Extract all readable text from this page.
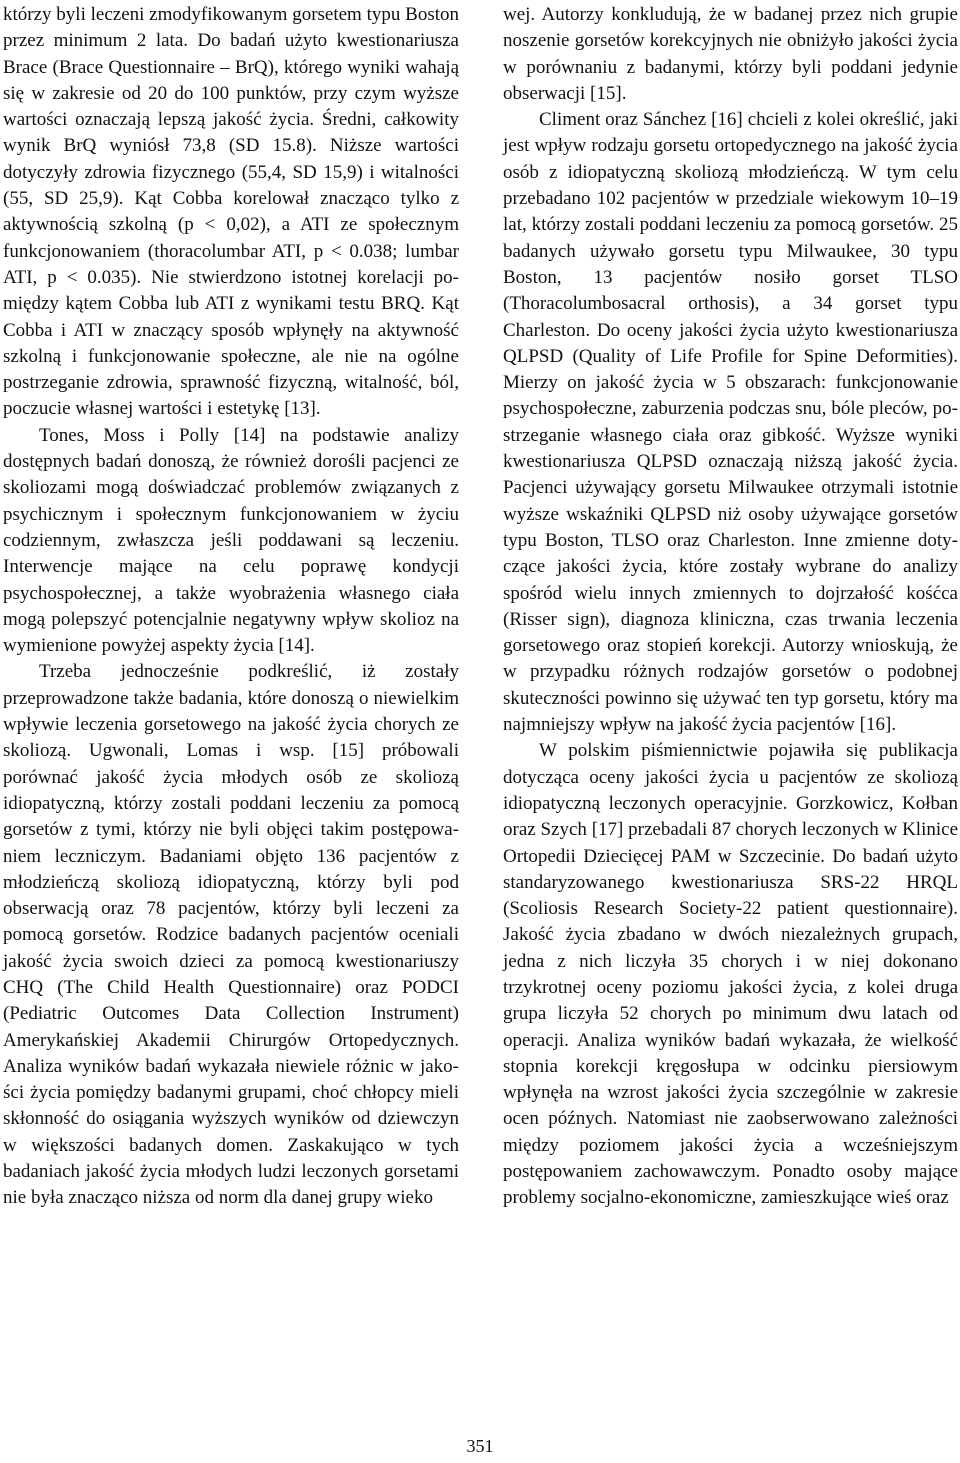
którzy byli leczeni zmodyfikowanym gorsetem typu Boston przez minimum 2 lata. Do badań użyto kwestionariusza Brace (Brace Questionnaire – BrQ), którego wyniki wahają się w zakresie od 20 do 100 punktów, przy czym wyższe wartości oznaczają lepszą jakość życia. Średni, całkowity wynik BrQ wyniósł 73,8 (SD 15.8). Niższe wartości dotyczyły zdrowia fizycznego (55,4, SD 15,9) i witalności (55, SD 25,9). Kąt Cobba korelował znacząco tylko z aktywnością szkolną (p < 0,02), a ATI ze społecznym funkcjonowaniem (thoracolumbar ATI, p < 0.038; lumbar ATI, p < 0.035). Nie stwierdzono istotnej korelacji pomiędzy kątem Cobba lub ATI z wynikami testu BRQ. Kąt Cobba i ATI w znaczący sposób wpłynęły na aktywność szkolną i funkcjonowanie społeczne, ale nie na ogólne postrzeganie zdrowia, sprawność fizyczną, witalność, ból, poczucie własnej wartości i estetykę [13].

Tones, Moss i Polly [14] na podstawie analizy dostępnych badań donoszą, że również dorośli pacjenci ze skoliozami mogą doświadczać problemów związanych z psychicznym i społecznym funkcjonowaniem w życiu codziennym, zwłaszcza jeśli poddawani są leczeniu. Interwencje mające na celu poprawę kondycji psychospołecznej, a także wyobrażenia własnego ciała mogą polepszyć potencjalnie negatywny wpływ skolioz na wymienione powyżej aspekty życia [14].

Trzeba jednocześnie podkreślić, iż zostały przeprowadzone także badania, które donoszą o niewielkim wpływie leczenia gorsetowego na jakość życia chorych ze skoliozą. Ugwonali, Lomas i wsp. [15] próbowali porównać jakość życia młodych osób ze skoliozą idiopatyczną, którzy zostali poddani leczeniu za pomocą gorsetów z tymi, którzy nie byli objęci takim postępowaniem leczniczym. Badaniami objęto 136 pacjentów z młodzieńczą skoliozą idiopatyczną, którzy byli pod obserwacją oraz 78 pacjentów, którzy byli leczeni za pomocą gorsetów. Rodzice badanych pacjentów oceniali jakość życia swoich dzieci za pomocą kwestionariuszy CHQ (The Child Health Questionnaire) oraz PODCI (Pediatric Outcomes Data Collection Instrument) Amerykańskiej Akademii Chirurgów Ortopedycznych. Analiza wyników badań wykazała niewiele różnic w jakości życia pomiędzy badanymi grupami, choć chłopcy mieli skłonność do osiągania wyższych wyników od dziewczyn w większości badanych domen. Zaskakująco w tych badaniach jakość życia młodych ludzi leczonych gorsetami nie była znacząco niższa od norm dla danej grupy wieko

wej. Autorzy konkludują, że w badanej przez nich grupie noszenie gorsetów korekcyjnych nie obniżyło jakości życia w porównaniu z badanymi, którzy byli poddani jedynie obserwacji [15].

Climent oraz Sánchez [16] chcieli z kolei określić, jaki jest wpływ rodzaju gorsetu ortopedycznego na jakość życia osób z idiopatyczną skoliozą młodzieńczą. W tym celu przebadano 102 pacjentów w przedziale wiekowym 10–19 lat, którzy zostali poddani leczeniu za pomocą gorsetów. 25 badanych używało gorsetu typu Milwaukee, 30 typu Boston, 13 pacjentów nosiło gorset TLSO (Thoracolumbosacral orthosis), a 34 gorset typu Charleston. Do oceny jakości życia użyto kwestionariusza QLPSD (Quality of Life Profile for Spine Deformities). Mierzy on jakość życia w 5 obszarach: funkcjonowanie psychospołeczne, zaburzenia podczas snu, bóle pleców, postrzeganie własnego ciała oraz gibkość. Wyższe wyniki kwestionariusza QLPSD oznaczają niższą jakość życia. Pacjenci używający gorsetu Milwaukee otrzymali istotnie wyższe wskaźniki QLPSD niż osoby używające gorsetów typu Boston, TLSO oraz Charleston. Inne zmienne dotyczące jakości życia, które zostały wybrane do analizy spośród wielu innych zmiennych to dojrzałość kośćca (Risser sign), diagnoza kliniczna, czas trwania leczenia gorsetowego oraz stopień korekcji. Autorzy wnioskują, że w przypadku różnych rodzajów gorsetów o podobnej skuteczności powinno się używać ten typ gorsetu, który ma najmniejszy wpływ na jakość życia pacjentów [16].

W polskim piśmiennictwie pojawiła się publikacja dotycząca oceny jakości życia u pacjentów ze skoliozą idiopatyczną leczonych operacyjnie. Gorzkowicz, Kołban oraz Szych [17] przebadali 87 chorych leczonych w Klinice Ortopedii Dziecięcej PAM w Szczecinie. Do badań użyto standaryzowanego kwestionariusza SRS-22 HRQL (Scoliosis Research Society-22 patient questionnaire). Jakość życia zbadano w dwóch niezależnych grupach, jedna z nich liczyła 35 chorych i w niej dokonano trzykrotnej oceny poziomu jakości życia, z kolei druga grupa liczyła 52 chorych po minimum dwu latach od operacji. Analiza wyników badań wykazała, że wielkość stopnia korekcji kręgosłupa w odcinku piersiowym wpłynęła na wzrost jakości życia szczególnie w zakresie ocen późnych. Natomiast nie zaobserwowano zależności między poziomem jakości życia a wcześniejszym postępowaniem zachowawczym. Ponadto osoby mające problemy socjalno-ekonomiczne, zamieszkujące wieś oraz

351
